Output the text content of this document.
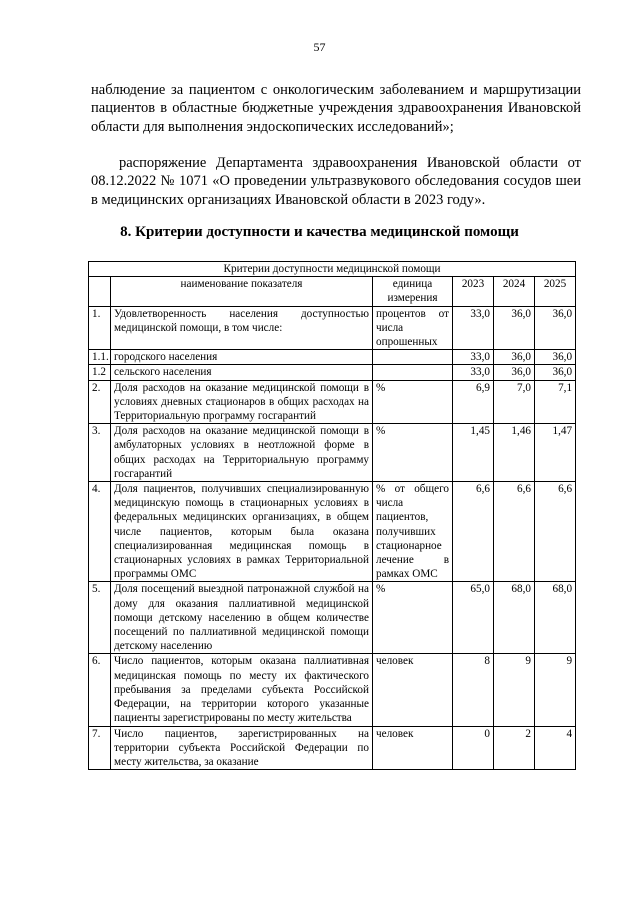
57

наблюдение за пациентом с онкологическим заболеванием и маршрутизации пациентов в областные бюджетные учреждения здравоохранения Ивановской области для выполнения эндоскопических исследований»;

распоряжение Департамента здравоохранения Ивановской области от 08.12.2022 № 1071 «О проведении ультразвукового обследования сосудов шеи в медицинских организациях Ивановской области в 2023 году».

8. Критерии доступности и качества медицинской помощи
Критерии доступности медицинской помощи					
	наименование показателя	единица измерения	2023	2024	2025
1.	Удовлетворенность населения доступностью медицинской помощи, в том числе:	процентов от числа опрошенных	33,0	36,0	36,0
1.1.	городского населения		33,0	36,0	36,0
1.2	сельского населения		33,0	36,0	36,0
2.	Доля расходов на оказание медицинской помощи в условиях дневных стационаров в общих расходах на Территориальную программу госгарантий	%	6,9	7,0	7,1
3.	Доля расходов на оказание медицинской помощи в амбулаторных условиях в неотложной форме в общих расходах на Территориальную программу госгарантий	%	1,45	1,46	1,47
4.	Доля пациентов, получивших специализированную медицинскую помощь в стационарных условиях в федеральных медицинских организациях, в общем числе пациентов, которым была оказана специализированная медицинская помощь в стационарных условиях в рамках Территориальной программы ОМС	% от общего числа пациентов, получивших стационарное лечение в рамках ОМС	6,6	6,6	6,6
5.	Доля посещений выездной патронажной службой на дому для оказания паллиативной медицинской помощи детскому населению в общем количестве посещений по паллиативной медицинской помощи детскому населению	%	65,0	68,0	68,0
6.	Число пациентов, которым оказана паллиативная медицинская помощь по месту их фактического пребывания за пределами субъекта Российской Федерации, на территории которого указанные пациенты зарегистрированы по месту жительства	человек	8	9	9
7.	Число пациентов, зарегистрированных на территории субъекта Российской Федерации по месту жительства, за оказание	человек	0	2	4
